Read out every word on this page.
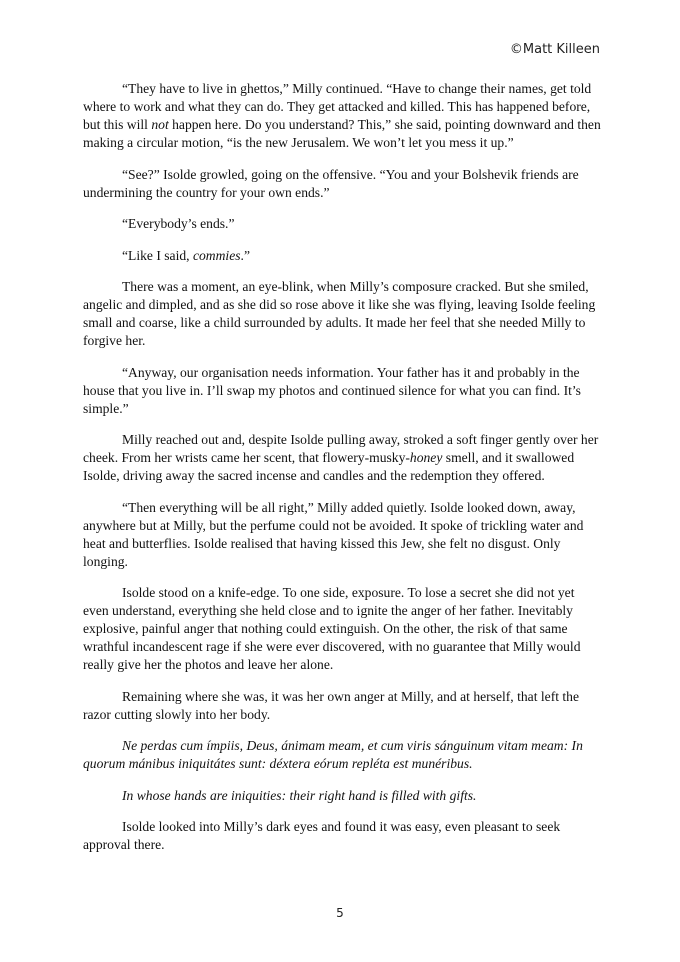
©Matt Killeen

“They have to live in ghettos,” Milly continued. “Have to change their names, get told where to work and what they can do. They get attacked and killed. This has happened before, but this will not happen here. Do you understand? This,” she said, pointing downward and then making a circular motion, “is the new Jerusalem. We won’t let you mess it up.”

“See?” Isolde growled, going on the offensive. “You and your Bolshevik friends are undermining the country for your own ends.”

“Everybody’s ends.”

“Like I said, commies.”

There was a moment, an eye-blink, when Milly’s composure cracked. But she smiled, angelic and dimpled, and as she did so rose above it like she was flying, leaving Isolde feeling small and coarse, like a child surrounded by adults. It made her feel that she needed Milly to forgive her.

“Anyway, our organisation needs information. Your father has it and probably in the house that you live in. I’ll swap my photos and continued silence for what you can find. It’s simple.”

Milly reached out and, despite Isolde pulling away, stroked a soft finger gently over her cheek. From her wrists came her scent, that flowery-musky-honey smell, and it swallowed Isolde, driving away the sacred incense and candles and the redemption they offered.

“Then everything will be all right,” Milly added quietly. Isolde looked down, away, anywhere but at Milly, but the perfume could not be avoided. It spoke of trickling water and heat and butterflies. Isolde realised that having kissed this Jew, she felt no disgust. Only longing.

Isolde stood on a knife-edge. To one side, exposure. To lose a secret she did not yet even understand, everything she held close and to ignite the anger of her father. Inevitably explosive, painful anger that nothing could extinguish. On the other, the risk of that same wrathful incandescent rage if she were ever discovered, with no guarantee that Milly would really give her the photos and leave her alone.

Remaining where she was, it was her own anger at Milly, and at herself, that left the razor cutting slowly into her body.

Ne perdas cum ímpiis, Deus, ánimam meam, et cum viris sánguinum vitam meam: In quorum mánibus iniquitátes sunt: déxtera eórum repléta est munéribus.

In whose hands are iniquities: their right hand is filled with gifts.

Isolde looked into Milly’s dark eyes and found it was easy, even pleasant to seek approval there.

5
